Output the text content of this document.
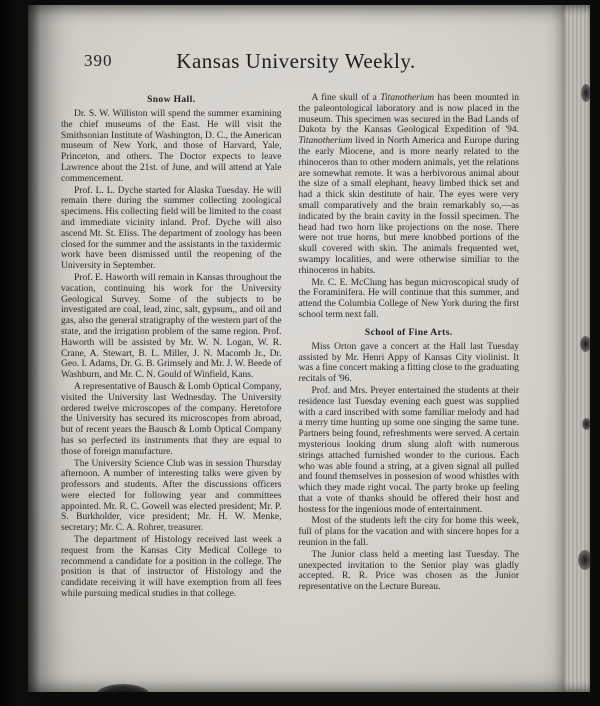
390	Kansas University Weekly.
Snow Hall.

Dr. S. W. Williston will spend the summer examining the chief museums of the East. He will visit the Smithsonian Institute of Washington, D. C., the American museum of New York, and those of Harvard, Yale, Princeton, and others. The Doctor expects to leave Lawrence about the 21st. of June, and will attend at Yale commencement.

Prof. L. L. Dyche started for Alaska Tuesday. He will remain there during the summer collecting zoological specimens. His collecting field will be limited to the coast and immediate vicinity inland. Prof. Dyche will also ascend Mt. St. Eliss. The department of zoology has been closed for the summer and the assistants in the taxidermic work have been dismissed until the reopening of the University in September.

Prof. E. Haworth will remain in Kansas throughout the vacation, continuing his work for the University Geological Survey. Some of the subjects to be investigated are coal, lead, zinc, salt, gypsum,, and oil and gas, also the general stratigraphy of the western part of the state, and the irrigation problem of the same region. Prof. Haworth will be assisted by Mr. W. N. Logan, W. R. Crane, A. Stewart, B. L. Miller, J. N. Macomb Jr., Dr. Geo. I. Adams, Dr. G. B. Grimsely and Mr. J. W. Beede of Washburn, and Mr. C. N. Gould of Winfield, Kans.

A representative of Bausch & Lomb Optical Company, visited the University last Wednesday. The University ordered twelve microscopes of the company. Heretofore the University has secured its microscopes from abroad, but of recent years the Bausch & Lomb Optical Company has so perfected its instruments that they are equal to those of foreign manufacture.

The University Science Club was in session Thursday afternoon. A number of interesting talks were given by professors and students. After the discussions officers were elected for following year and committees appointed. Mr. R. C. Gowell was elected president; Mr. P. S. Burkholder, vice president; Mr. H. W. Menke, secretary; Mr. C. A. Rohrer, treasurer.

The department of Histology received last week a request from the Kansas City Medical College to recommend a candidate for a position in the college. The position is that of instructor of Histology and the candidate receiving it will have exemption from all fees while pursuing medical studies in that college.

A fine skull of a Titanotherium has been mounted in the paleontological laboratory and is now placed in the museum. This specimen was secured in the Bad Lands of Dakota by the Kansas Geological Expedition of '94. Titanotherium lived in North America and Europe during the early Miocene, and is more nearly related to the rhinoceros than to other modern animals, yet the relations are somewhat remote. It was a herbivorous animal about the size of a small elephant, heavy limbed thick set and had a thick skin destitute of hair. The eyes were very small comparatively and the brain remarkably so,—as indicated by the brain cavity in the fossil specimen. The head had two horn like projections on the nose. There were not true horns, but mere knobbed portions of the skull covered with skin. The animals frequented wet, swampy localities, and were otherwise similiar to the rhinoceros in habits.

Mr. C. E. McClung has begun microscopical study of the Foraminifera. He will continue that this summer, and attend the Columbia College of New York during the first school term next fall.

School of Fine Arts.

Miss Orton gave a concert at the Hall last Tuesday assisted by Mr. Henri Appy of Kansas City violinist. It was a fine concert making a fitting close to the graduating recitals of '96.

Prof. and Mrs. Preyer entertained the students at their residence last Tuesday evening each guest was supplied with a card inscribed with some familiar melody and had a merry time hunting up some one singing the same tune. Partners being found, refreshments were served. A certain mysterious looking drum slung aloft with numerous strings attached furnished wonder to the curious. Each who was able found a string, at a given signal all pulled and found themselves in possesion of wood whistles with which they made right vocal. The party broke up feeling that a vote of thanks should be offered their host and hostess for the ingenious mode of entertainment.

Most of the students left the city for home this week, full of plans for the vacation and with sincere hopes for a reunion in the fall.

The Junior class held a meeting last Tuesday. The unexpected invitation to the Senior play was gladly accepted. R. R. Price was chosen as the Junior representative on the Lecture Bureau.
